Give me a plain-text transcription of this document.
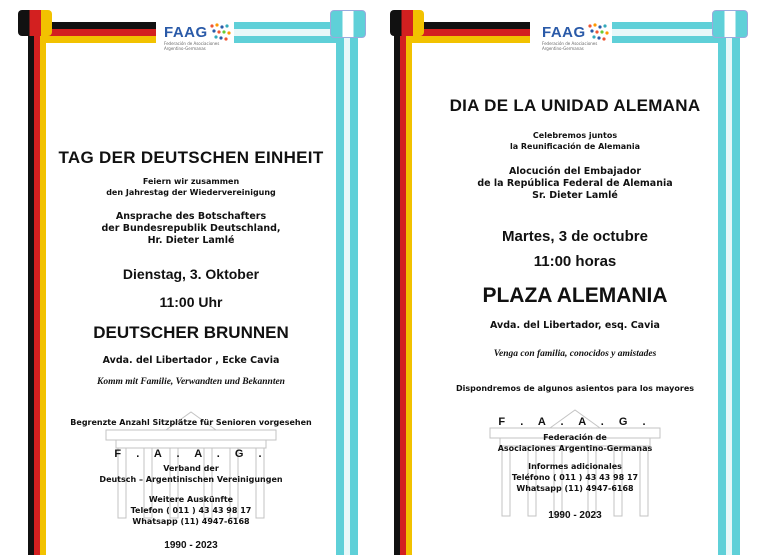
FAAG
Federación de Asociaciones Argentino-Germanas
TAG DER DEUTSCHEN EINHEIT
Feiern wir zusammen
den Jahrestag der Wiedervereinigung
Ansprache des Botschafters
der Bundesrepublik Deutschland,
Hr. Dieter Lamlé
Dienstag, 3. Oktober
11:00 Uhr
DEUTSCHER BRUNNEN
Avda. del Libertador , Ecke Cavia
Komm mit Familie, Verwandten und Bekannten
Begrenzte Anzahl Sitzplätze für Senioren vorgesehen
F . A . A . G .
Verband der
Deutsch – Argentinischen Vereinigungen
Weitere Auskünfte
Telefon ( 011 ) 43 43 98 17
Whatsapp (11) 4947-6168
1990 - 2023
FAAG
Federación de Asociaciones Argentino-Germanas
DIA DE LA UNIDAD ALEMANA
Celebremos juntos
la Reunificación de Alemania
Alocución del Embajador
de la República Federal de Alemania
Sr. Dieter Lamlé
Martes, 3 de octubre
11:00 horas
PLAZA ALEMANIA
Avda. del Libertador, esq. Cavia
Venga con familia, conocidos y amistades
Dispondremos de algunos asientos para los mayores
F . A . A . G .
Federación de
Asociaciones Argentino-Germanas
Informes adicionales
Teléfono ( 011 ) 43 43 98 17
Whatsapp (11) 4947-6168
1990 - 2023
